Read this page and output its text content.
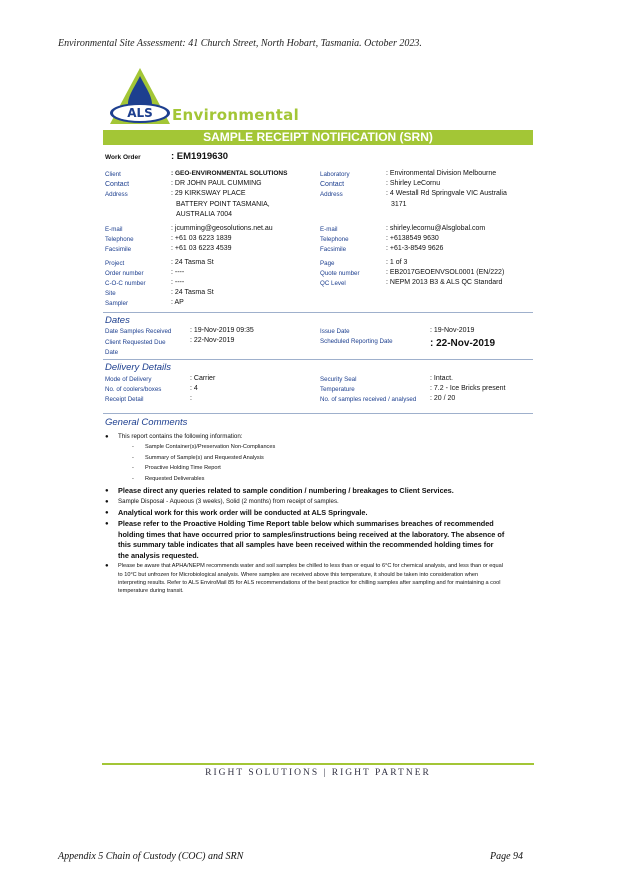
Environmental Site Assessment: 41 Church Street, North Hobart, Tasmania. October 2023.
ALS Environmental
SAMPLE RECEIPT NOTIFICATION (SRN)
Work Order	: EM1919630
Client	: GEO-ENVIRONMENTAL SOLUTIONS
Contact	: DR JOHN PAUL CUMMING
Address	: 29 KIRKSWAY PLACE
BATTERY POINT TASMANIA,
AUSTRALIA 7004
E-mail	: jcumming@geosolutions.net.au
Telephone	: +61 03 6223 1839
Facsimile	: +61 03 6223 4539
Project	: 24 Tasma St
Order number	: ----
C-O-C number	: ----
Site	: 24 Tasma St
Sampler	: AP
Laboratory	: Environmental Division Melbourne
Contact	: Shirley LeCornu
Address	: 4 Westall Rd Springvale VIC Australia
3171
E-mail	: shirley.lecornu@Alsglobal.com
Telephone	: +6138549 9630
Facsimile	: +61-3-8549 9626
Page	: 1 of 3
Quote number	: EB2017GEOENVSOL0001 (EN/222)
QC Level	: NEPM 2013 B3 & ALS QC Standard
Dates
Date Samples Received	: 19-Nov-2019 09:35
Client Requested Due Date
: 22-Nov-2019
Issue Date	: 19-Nov-2019
Scheduled Reporting Date	: 22-Nov-2019
Delivery Details
Mode of Delivery	: Carrier
No. of coolers/boxes	: 4
Receipt Detail	:
Security Seal	: Intact.
Temperature	: 7.2 - Ice Bricks present
No. of samples received / analysed : 20 / 20
General Comments
● This report contains the following information:
- Sample Container(s)/Preservation Non-Compliances
- Summary of Sample(s) and Requested Analysis
- Proactive Holding Time Report
- Requested Deliverables
● Please direct any queries related to sample condition / numbering / breakages to Client Services.
● Sample Disposal - Aqueous (3 weeks), Solid (2 months) from receipt of samples.
● Analytical work for this work order will be conducted at ALS Springvale.
● Please refer to the Proactive Holding Time Report table below which summarises breaches of recommended holding times that have occurred prior to samples/instructions being received at the laboratory. The absence of this summary table indicates that all samples have been received within the recommended holding times for the analysis requested.
● Please be aware that APHA/NEPM recommends water and soil samples be chilled to less than or equal to 6°C for chemical analysis, and less than or equal to 10°C but unfrozen for Microbiological analysis. Where samples are received above this temperature, it should be taken into consideration when interpreting results. Refer to ALS EnviroMail 85 for ALS recommendations of the best practice for chilling samples after sampling and for maintaining a cool temperature during transit.
RIGHT SOLUTIONS | RIGHT PARTNER
Appendix 5 Chain of Custody (COC) and SRN	Page 94
